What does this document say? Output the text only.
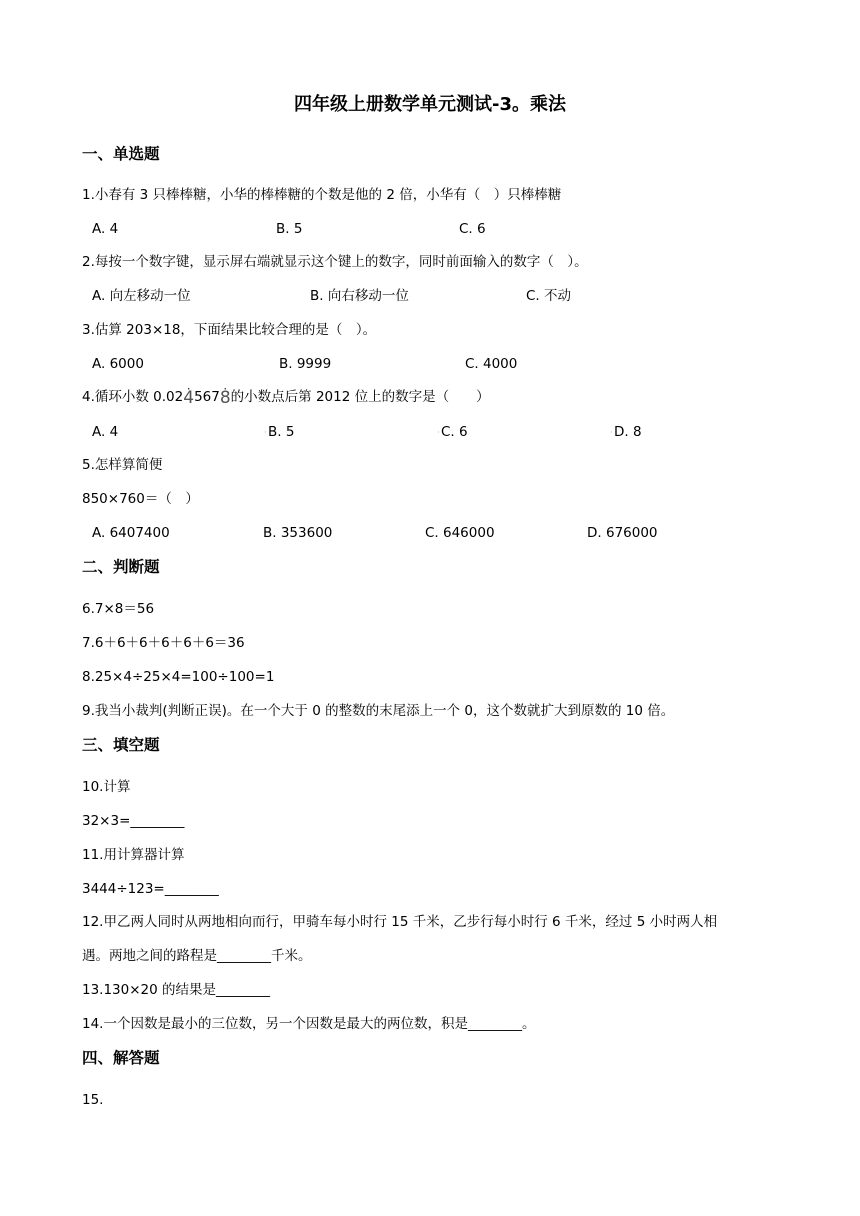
四年级上册数学单元测试-3。乘法
一、单选题
1.小春有 3 只棒棒糖，小华的棒棒糖的个数是他的 2 倍，小华有（　）只棒棒糖
A. 4	B. 5	C. 6
2.每按一个数字键，显示屏右端就显示这个键上的数字，同时前面输入的数字（　）。
A. 向左移动一位	B. 向右移动一位	C. 不动
3.估算 203×18，下面结果比较合理的是（　）。
A. 6000	B. 9999	C. 4000
4.循环小数 0.02· 4567· 8的小数点后第 2012 位上的数字是（　　）
A. 4	·B. 5	·C. 6	·D. 8
5.怎样算简便
850×760＝（　）
A. 6407400	B. 353600	C. 646000	D. 676000
二、判断题
6.7×8＝56
7.6＋6＋6＋6＋6＋6＝36
8.25×4÷25×4=100÷100=1
9.我当小裁判(判断正误)。在一个大于 0 的整数的末尾添上一个 0，这个数就扩大到原数的 10 倍。
三、填空题
10.计算
32×3=________
11.用计算器计算
3444÷123=________
12.甲乙两人同时从两地相向而行，甲骑车每小时行 15 千米，乙步行每小时行 6 千米，经过 5 小时两人相
遇。两地之间的路程是________千米。
13.130×20 的结果是________
14.一个因数是最小的三位数，另一个因数是最大的两位数，积是________。
四、解答题
15.
